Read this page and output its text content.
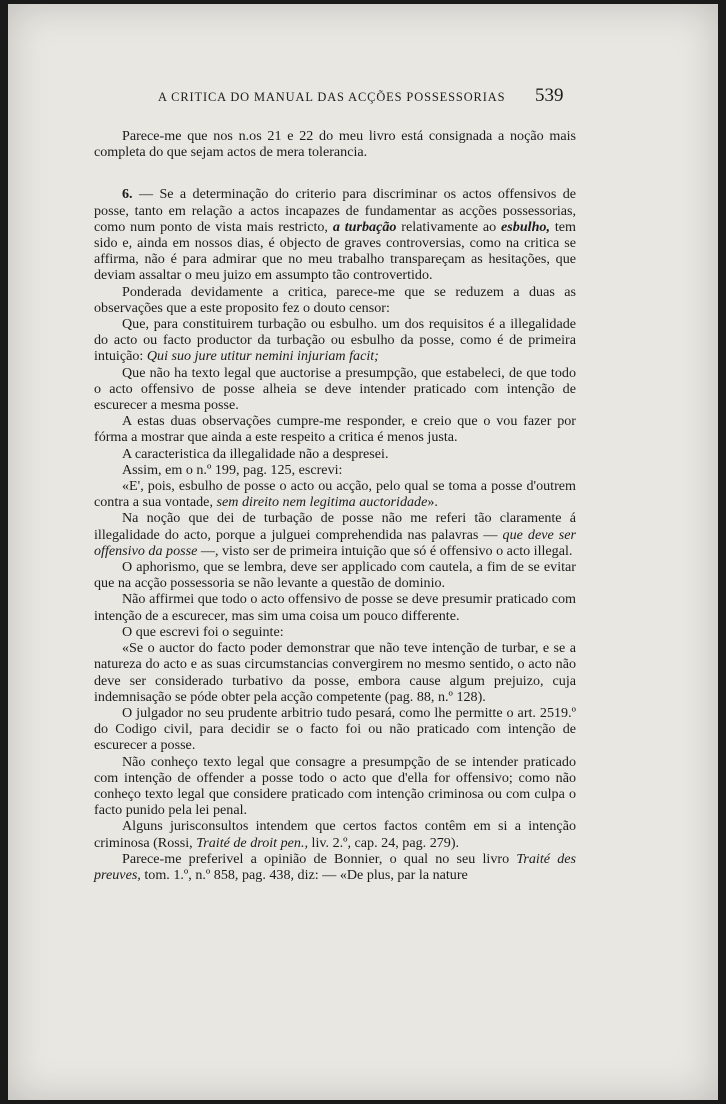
A CRITICA DO MANUAL DAS ACÇÕES POSSESSORIAS 539

Parece-me que nos n.os 21 e 22 do meu livro está consignada a noção mais completa do que sejam actos de mera tolerancia.

6. — Se a determinação do criterio para discriminar os actos offensivos de posse, tanto em relação a actos incapazes de fundamentar as acções possessorias, como num ponto de vista mais restricto, a turbação relativamente ao esbulho, tem sido e, ainda em nossos dias, é objecto de graves controversias, como na critica se affirma, não é para admirar que no meu trabalho transpareçam as hesitações, que deviam assaltar o meu juizo em assumpto tão controvertido.

Ponderada devidamente a critica, parece-me que se reduzem a duas as observações que a este proposito fez o douto censor:

Que, para constituirem turbação ou esbulho. um dos requisitos é a illegalidade do acto ou facto productor da turbação ou esbulho da posse, como é de primeira intuição: Qui suo jure utitur nemini injuriam facit;

Que não ha texto legal que auctorise a presumpção, que estabeleci, de que todo o acto offensivo de posse alheia se deve intender praticado com intenção de escurecer a mesma posse.

A estas duas observações cumpre-me responder, e creio que o vou fazer por fórma a mostrar que ainda a este respeito a critica é menos justa.

A caracteristica da illegalidade não a despresei.

Assim, em o n.º 199, pag. 125, escrevi:

«E', pois, esbulho de posse o acto ou acção, pelo qual se toma a posse d'outrem contra a sua vontade, sem direito nem legitima auctoridade».

Na noção que dei de turbação de posse não me referi tão claramente á illegalidade do acto, porque a julguei comprehendida nas palavras — que deve ser offensivo da posse —, visto ser de primeira intuição que só é offensivo o acto illegal.

O aphorismo, que se lembra, deve ser applicado com cautela, a fim de se evitar que na acção possessoria se não levante a questão de dominio.

Não affirmei que todo o acto offensivo de posse se deve presumir praticado com intenção de a escurecer, mas sim uma coisa um pouco differente.

O que escrevi foi o seguinte:

«Se o auctor do facto poder demonstrar que não teve intenção de turbar, e se a natureza do acto e as suas circumstancias convergirem no mesmo sentido, o acto não deve ser considerado turbativo da posse, embora cause algum prejuizo, cuja indemnisação se póde obter pela acção competente (pag. 88, n.º 128).

O julgador no seu prudente arbitrio tudo pesará, como lhe permitte o art. 2519.º do Codigo civil, para decidir se o facto foi ou não praticado com intenção de escurecer a posse.

Não conheço texto legal que consagre a presumpção de se intender praticado com intenção de offender a posse todo o acto que d'ella for offensivo; como não conheço texto legal que considere praticado com intenção criminosa ou com culpa o facto punido pela lei penal.

Alguns jurisconsultos intendem que certos factos contêm em si a intenção criminosa (Rossi, Traité de droit pen., liv. 2.º, cap. 24, pag. 279).

Parece-me preferivel a opinião de Bonnier, o qual no seu livro Traité des preuves, tom. 1.º, n.º 858, pag. 438, diz: — «De plus, par la nature
